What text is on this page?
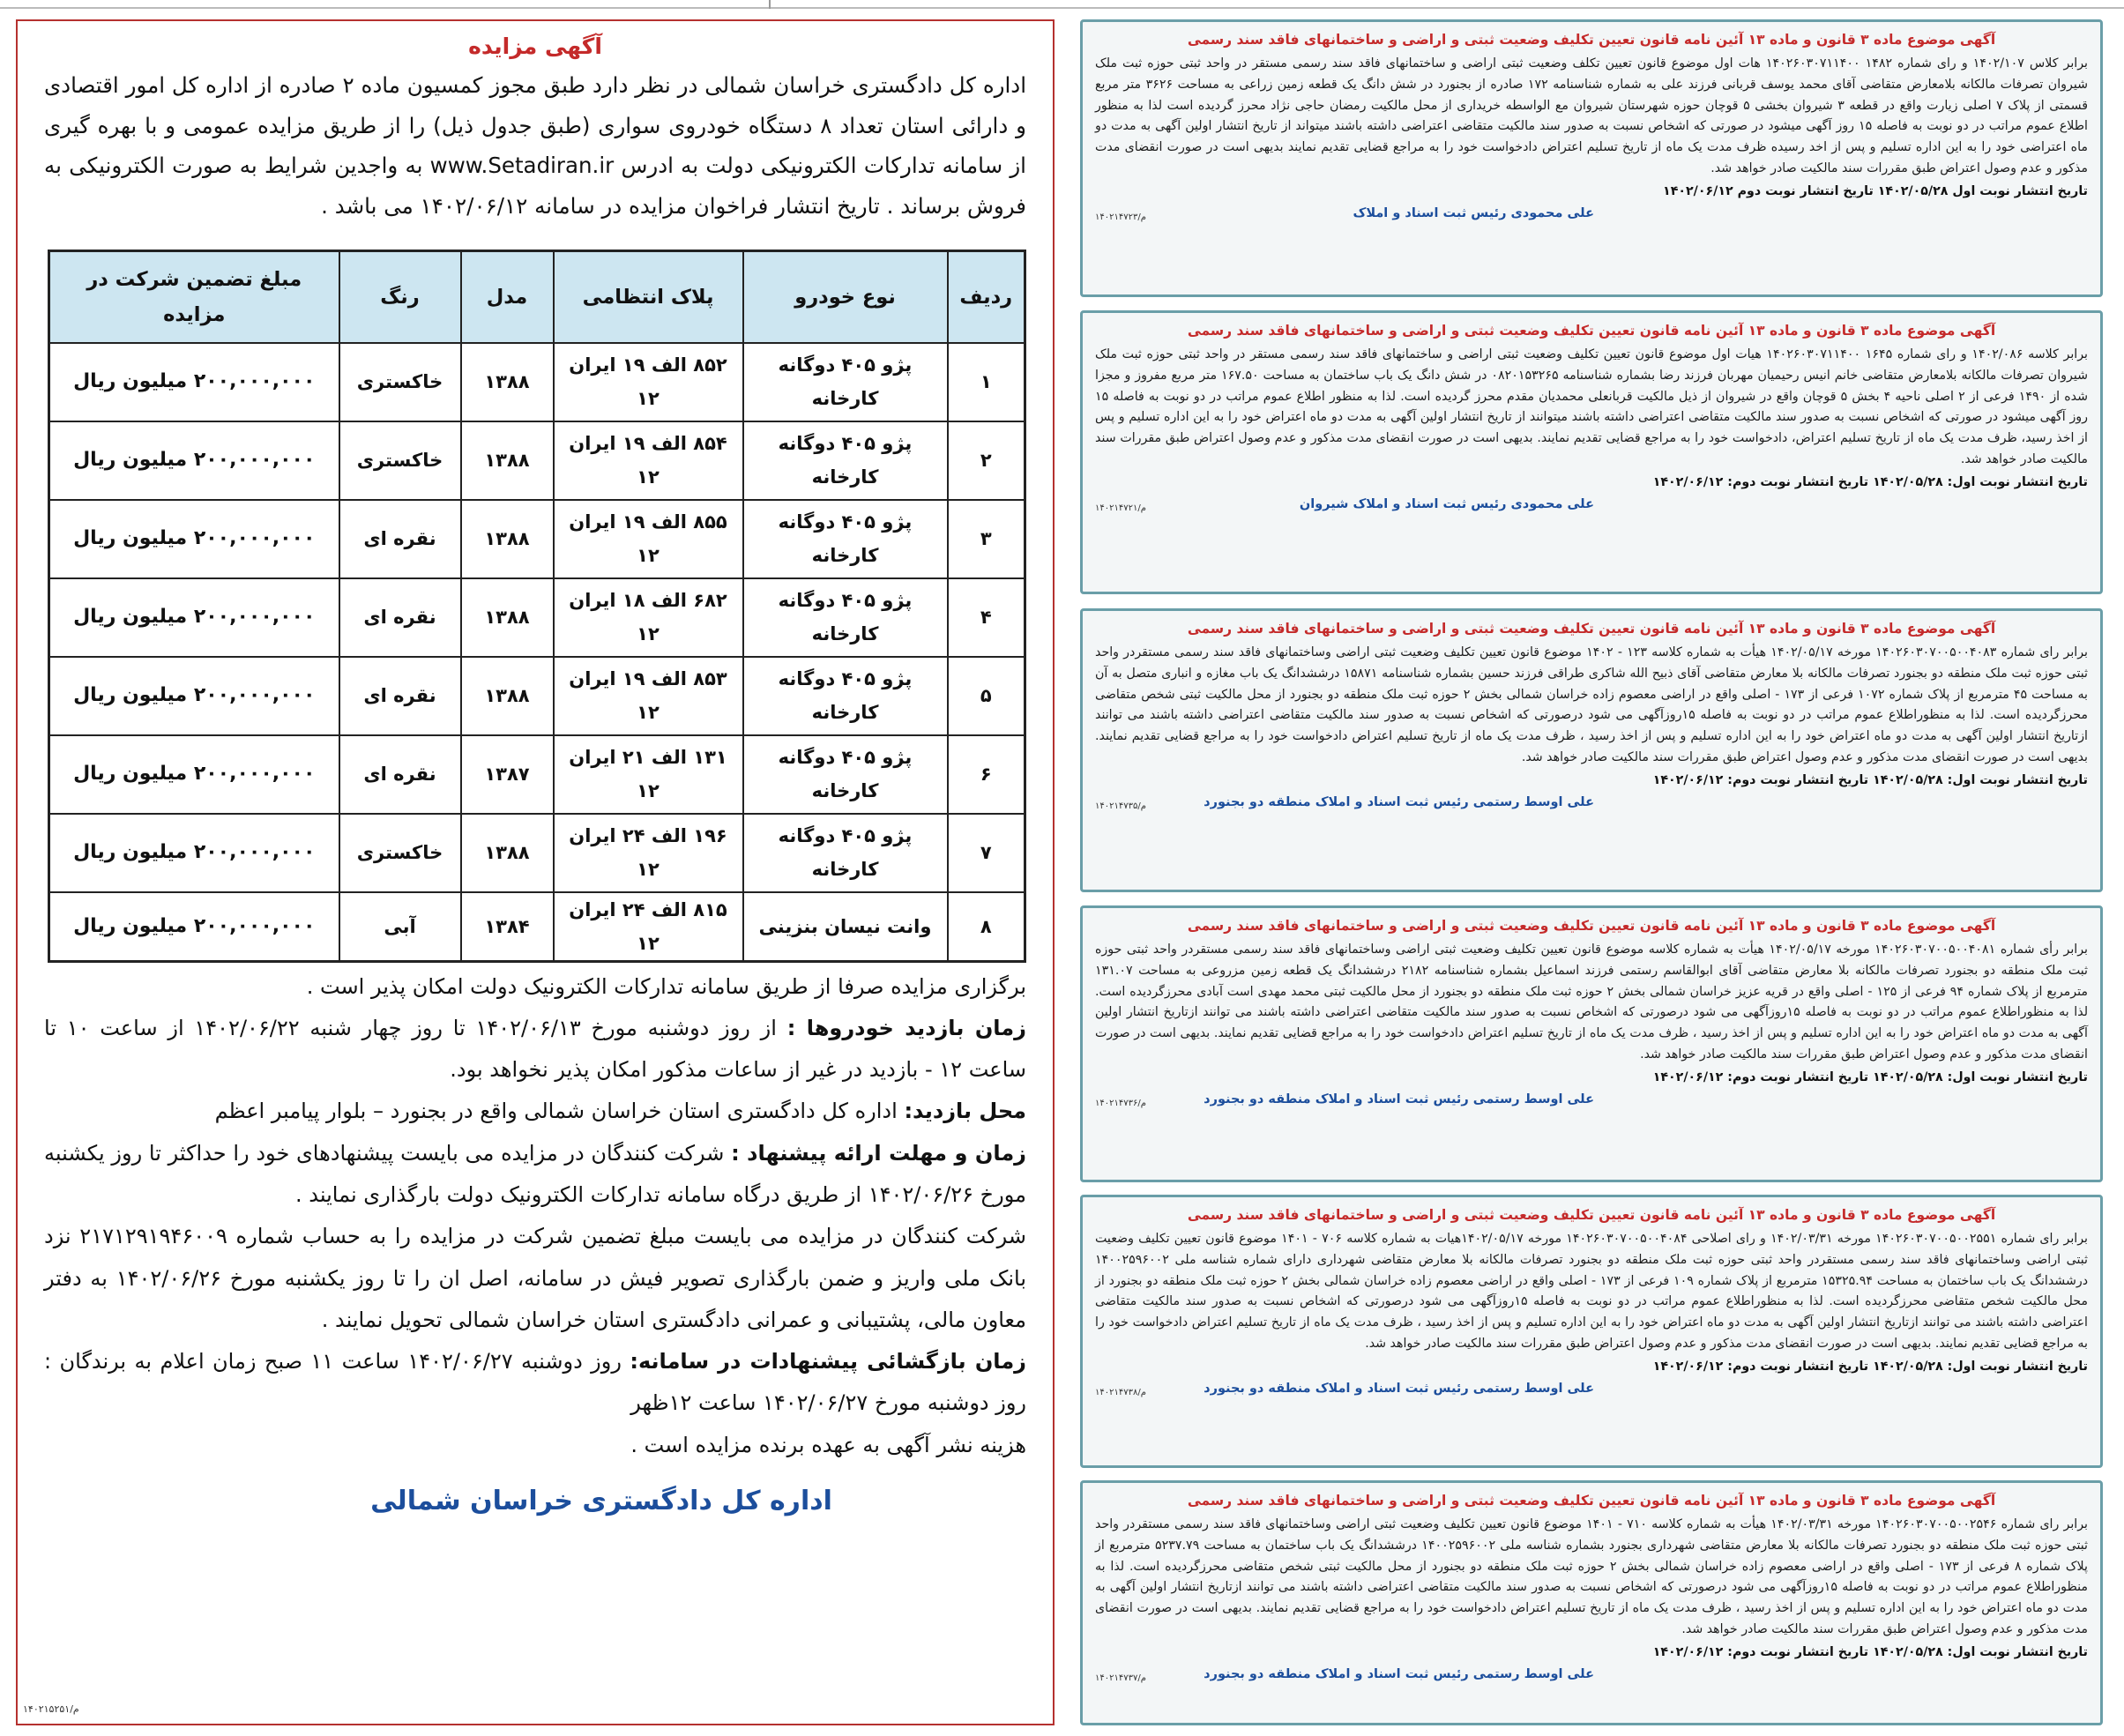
آگهی موضوع ماده ۳ قانون و ماده ۱۳ آئین نامه قانون تعیین تکلیف وضعیت ثبتی و اراضی و ساختمانهای فاقد سند رسمی
برابر کلاس ۱۴۰۲/۱۰۷ و رای شماره ۱۴۸۲ ۱۴۰۲۶۰۳۰۷۱۱۴۰۰ هات اول موضوع قانون تعیین تکلف وضعیت ثبتی اراضی و ساختمانهای فاقد سند رسمی مستقر در واحد ثبتی حوزه ثبت ملک شیروان تصرفات مالکانه بلامعارض متقاضی آقای محمد یوسف قربانی فرزند علی به شماره شناسنامه ۱۷۲ صادره از بجنورد در شش دانگ یک قطعه زمین زراعی به مساحت ۳۶۲۶ متر مربع قسمتی از پلاک ۷ اصلی زیارت واقع در قطعه ۳ شیروان بخشی ۵ قوچان حوزه شهرستان شیروان مع الواسطه خریداری از محل مالکیت رمضان حاجی نژاد محرز گردیده است لذا به منظور اطلاع عموم مراتب در دو نوبت به فاصله ۱۵ روز آگهی میشود در صورتی که اشخاص نسبت به صدور سند مالکیت متقاضی اعتراضی داشته باشند میتواند از تاریخ انتشار اولین آگهی به مدت دو ماه اعتراضی خود را به این اداره تسلیم و پس از اخد رسیده ظرف مدت یک ماه از تاریخ تسلیم اعتراض دادخواست خود را به مراجع قضایی تقدیم نمایند بدیهی است در صورت انقضای مدت مذکور و عدم وصول اعتراض طبق مقررات سند مالکیت صادر خواهد شد.
تاریخ انتشار نوبت اول ۱۴۰۲/۰۵/۲۸ تاریخ انتشار نوبت دوم ۱۴۰۲/۰۶/۱۲
علی محمودی رئیس ثبت اسناد و املاک
م/۱۴۰۲۱۴۷۲۳
آگهی موضوع ماده ۳ قانون و ماده ۱۳ آئین نامه قانون تعیین تکلیف وضعیت ثبتی و اراضی و ساختمانهای فاقد سند رسمی
برابر کلاسه ۱۴۰۲/۰۸۶ و رای شماره ۱۶۴۵ ۱۴۰۲۶۰۳۰۷۱۱۴۰۰ هیات اول موضوع قانون تعیین تکلیف وضعیت ثبتی اراضی و ساختمانهای فاقد سند رسمی مستقر در واحد ثبتی حوزه ثبت ملک شیروان تصرفات مالکانه بلامعارض متقاضی خانم انیس رحیمیان مهربان فرزند رضا بشماره شناسنامه ۰۸۲۰۱۵۳۲۶۵ در شش دانگ یک باب ساختمان به مساحت ۱۶۷.۵۰ متر مربع مفروز و مجزا شده از ۱۴۹۰ فرعی از ۲ اصلی ناحیه ۴ بخش ۵ قوچان واقع در شیروان از ذیل مالکیت قربانعلی محمدیان مقدم محرز گردیده است. لذا به منظور اطلاع عموم مراتب در دو نوبت به فاصله ۱۵ روز آگهی میشود در صورتی که اشخاص نسبت به صدور سند مالکیت متقاضی اعتراضی داشته باشند میتوانند از تاریخ انتشار اولین آگهی به مدت دو ماه اعتراض خود را به این اداره تسلیم و پس از اخذ رسید، ظرف مدت یک ماه از تاریخ تسلیم اعتراض، دادخواست خود را به مراجع قضایی تقدیم نمایند. بدیهی است در صورت انقضای مدت مذکور و عدم وصول اعتراض طبق مقررات سند مالکیت صادر خواهد شد.
تاریخ انتشار نوبت اول: ۱۴۰۲/۰۵/۲۸ تاریخ انتشار نوبت دوم: ۱۴۰۲/۰۶/۱۲
علی محمودی رئیس ثبت اسناد و املاک شیروان
م/۱۴۰۲۱۴۷۲۱
آگهی موضوع ماده ۳ قانون و ماده ۱۳ آئین نامه قانون تعیین تکلیف وضعیت ثبتی و اراضی و ساختمانهای فاقد سند رسمی
برابر رای شماره ۱۴۰۲۶۰۳۰۷۰۰۵۰۰۴۰۸۳ مورخه ۱۴۰۲/۰۵/۱۷ هیأت به شماره کلاسه ۱۲۳ - ۱۴۰۲ موضوع قانون تعیین تکلیف وضعیت ثبتی اراضی وساختمانهای فاقد سند رسمی مستقردر واحد ثبتی حوزه ثبت ملک منطقه دو بجنورد تصرفات مالکانه بلا معارض متقاضی آقای ذبیح الله شاکری طراقی فرزند حسین بشماره شناسنامه ۱۵۸۷۱ درششدانگ یک باب مغازه و انباری متصل به آن به مساحت ۴۵ مترمربع از پلاک شماره ۱۰۷۲ فرعی از ۱۷۳ - اصلی واقع در اراضی معصوم زاده خراسان شمالی بخش ۲ حوزه ثبت ملک منطقه دو بجنورد از محل مالکیت ثبتی شخص متقاضی محرزگردیده است. لذا به منظوراطلاع عموم مراتب در دو نوبت به فاصله ۱۵روزآگهی می شود درصورتی که اشخاص نسبت به صدور سند مالکیت متقاضی اعتراضی داشته باشند می توانند ازتاریخ انتشار اولین آگهی به مدت دو ماه اعتراض خود را به این اداره تسلیم و پس از اخذ رسید ، ظرف مدت یک ماه از تاریخ تسلیم اعتراض دادخواست خود را به مراجع قضایی تقدیم نمایند. بدیهی است در صورت انقضای مدت مذکور و عدم وصول اعتراض طبق مقررات سند مالکیت صادر خواهد شد.
تاریخ انتشار نوبت اول: ۱۴۰۲/۰۵/۲۸ تاریخ انتشار نوبت دوم: ۱۴۰۲/۰۶/۱۲
علی اوسط رستمی رئیس ثبت اسناد و املاک منطقه دو بجنورد
م/۱۴۰۲۱۴۷۳۵
آگهی موضوع ماده ۳ قانون و ماده ۱۳ آئین نامه قانون تعیین تکلیف وضعیت ثبتی و اراضی و ساختمانهای فاقد سند رسمی
برابر رأی شماره ۱۴۰۲۶۰۳۰۷۰۰۵۰۰۴۰۸۱ مورخه ۱۴۰۲/۰۵/۱۷ هیأت به شماره کلاسه موضوع قانون تعیین تکلیف وضعیت ثبتی اراضی وساختمانهای فاقد سند رسمی مستقردر واحد ثبتی حوزه ثبت ملک منطقه دو بجنورد تصرفات مالکانه بلا معارض متقاضی آقای ابوالقاسم رستمی فرزند اسماعیل بشماره شناسنامه ۲۱۸۲ درششدانگ یک قطعه زمین مزروعی به مساحت ۱۳۱.۰۷ مترمربع از پلاک شماره ۹۴ فرعی از ۱۲۵ - اصلی واقع در قریه عزیز خراسان شمالی بخش ۲ حوزه ثبت ملک منطقه دو بجنورد از محل مالکیت ثبتی محمد مهدی است آبادی محرزگردیده است. لذا به منظوراطلاع عموم مراتب در دو نوبت به فاصله ۱۵روزآگهی می شود درصورتی که اشخاص نسبت به صدور سند مالکیت متقاضی اعتراضی داشته باشند می توانند ازتاریخ انتشار اولین آگهی به مدت دو ماه اعتراض خود را به این اداره تسلیم و پس از اخذ رسید ، ظرف مدت یک ماه از تاریخ تسلیم اعتراض دادخواست خود را به مراجع قضایی تقدیم نمایند. بدیهی است در صورت انقضای مدت مذکور و عدم وصول اعتراض طبق مقررات سند مالکیت صادر خواهد شد.
تاریخ انتشار نوبت اول: ۱۴۰۲/۰۵/۲۸ تاریخ انتشار نوبت دوم: ۱۴۰۲/۰۶/۱۲
علی اوسط رستمی رئیس ثبت اسناد و املاک منطقه دو بجنورد
م/۱۴۰۲۱۴۷۳۶
آگهی موضوع ماده ۳ قانون و ماده ۱۳ آئین نامه قانون تعیین تکلیف وضعیت ثبتی و اراضی و ساختمانهای فاقد سند رسمی
برابر رای شماره ۱۴۰۲۶۰۳۰۷۰۰۵۰۰۲۵۵۱ مورخه ۱۴۰۲/۰۳/۳۱ و رای اصلاحی ۱۴۰۲۶۰۳۰۷۰۰۵۰۰۴۰۸۴ مورخه ۱۴۰۲/۰۵/۱۷هیات به شماره کلاسه ۷۰۶ - ۱۴۰۱ موضوع قانون تعیین تکلیف وضعیت ثبتی اراضی وساختمانهای فاقد سند رسمی مستقردر واحد ثبتی حوزه ثبت ملک منطقه دو بجنورد تصرفات مالکانه بلا معارض متقاضی شهرداری دارای شماره شناسه ملی ۱۴۰۰۲۵۹۶۰۰۲ درششدانگ یک باب ساختمان به مساحت ۱۵۳۲۵.۹۴ مترمربع از پلاک شماره ۱۰۹ فرعی از ۱۷۳ - اصلی واقع در اراضی معصوم زاده خراسان شمالی بخش ۲ حوزه ثبت ملک منطقه دو بجنورد از محل مالکیت شخص متقاضی محرزگردیده است. لذا به منظوراطلاع عموم مراتب در دو نوبت به فاصله ۱۵روزآگهی می شود درصورتی که اشخاص نسبت به صدور سند مالکیت متقاضی اعتراضی داشته باشند می توانند ازتاریخ انتشار اولین آگهی به مدت دو ماه اعتراض خود را به این اداره تسلیم و پس از اخذ رسید ، ظرف مدت یک ماه از تاریخ تسلیم اعتراض دادخواست خود را به مراجع قضایی تقدیم نمایند. بدیهی است در صورت انقضای مدت مذکور و عدم وصول اعتراض طبق مقررات سند مالکیت صادر خواهد شد.
تاریخ انتشار نوبت اول: ۱۴۰۲/۰۵/۲۸ تاریخ انتشار نوبت دوم: ۱۴۰۲/۰۶/۱۲
علی اوسط رستمی رئیس ثبت اسناد و املاک منطقه دو بجنورد
م/۱۴۰۲۱۴۷۳۸
آگهی موضوع ماده ۳ قانون و ماده ۱۳ آئین نامه قانون تعیین تکلیف وضعیت ثبتی و اراضی و ساختمانهای فاقد سند رسمی
برابر رای شماره ۱۴۰۲۶۰۳۰۷۰۰۵۰۰۲۵۴۶ مورخه ۱۴۰۲/۰۳/۳۱ هیأت به شماره کلاسه ۷۱۰ - ۱۴۰۱ موضوع قانون تعیین تکلیف وضعیت ثبتی اراضی وساختمانهای فاقد سند رسمی مستقردر واحد ثبتی حوزه ثبت ملک منطقه دو بجنورد تصرفات مالکانه بلا معارض متقاضی شهرداری بجنورد بشماره شناسه ملی ۱۴۰۰۲۵۹۶۰۰۲ درششدانگ یک باب ساختمان به مساحت ۵۲۳۷.۷۹ مترمربع از پلاک شماره ۸ فرعی از ۱۷۳ - اصلی واقع در اراضی معصوم زاده خراسان شمالی بخش ۲ حوزه ثبت ملک منطقه دو بجنورد از محل مالکیت ثبتی شخص متقاضی محرزگردیده است. لذا به منظوراطلاع عموم مراتب در دو نوبت به فاصله ۱۵روزآگهی می شود درصورتی که اشخاص نسبت به صدور سند مالکیت متقاضی اعتراضی داشته باشند می توانند ازتاریخ انتشار اولین آگهی به مدت دو ماه اعتراض خود را به این اداره تسلیم و پس از اخذ رسید ، ظرف مدت یک ماه از تاریخ تسلیم اعتراض دادخواست خود را به مراجع قضایی تقدیم نمایند. بدیهی است در صورت انقضای مدت مذکور و عدم وصول اعتراض طبق مقررات سند مالکیت صادر خواهد شد.
تاریخ انتشار نوبت اول: ۱۴۰۲/۰۵/۲۸ تاریخ انتشار نوبت دوم: ۱۴۰۲/۰۶/۱۲
علی اوسط رستمی رئیس ثبت اسناد و املاک منطقه دو بجنورد
م/۱۴۰۲۱۴۷۳۷
آگهی مزایده
اداره کل دادگستری خراسان شمالی در نظر دارد طبق مجوز کمسیون ماده ۲ صادره از اداره کل امور اقتصادی و دارائی استان تعداد ۸ دستگاه خودروی سواری (طبق جدول ذیل) را از طریق مزایده عمومی و با بهره گیری از سامانه تدارکات الکترونیکی دولت به ادرس www.Setadiran.ir به واجدین شرایط به صورت الکترونیکی به فروش برساند . تاریخ انتشار فراخوان مزایده در سامانه ۱۴۰۲/۰۶/۱۲ می باشد .
ردیف	نوع خودرو	پلاک انتظامی	مدل	رنگ	مبلغ تضمین شرکت در مزایده
۱	پژو ۴۰۵ دوگانه کارخانه	۸۵۲ الف ۱۹ ایران ۱۲	۱۳۸۸	خاکستری	۲۰۰,۰۰۰,۰۰۰ میلیون ریال
۲	پژو ۴۰۵ دوگانه کارخانه	۸۵۴ الف ۱۹ ایران ۱۲	۱۳۸۸	خاکستری	۲۰۰,۰۰۰,۰۰۰ میلیون ریال
۳	پژو ۴۰۵ دوگانه کارخانه	۸۵۵ الف ۱۹ ایران ۱۲	۱۳۸۸	نقره ای	۲۰۰,۰۰۰,۰۰۰ میلیون ریال
۴	پژو ۴۰۵ دوگانه کارخانه	۶۸۲ الف ۱۸ ایران ۱۲	۱۳۸۸	نقره ای	۲۰۰,۰۰۰,۰۰۰ میلیون ریال
۵	پژو ۴۰۵ دوگانه کارخانه	۸۵۳ الف ۱۹ ایران ۱۲	۱۳۸۸	نقره ای	۲۰۰,۰۰۰,۰۰۰ میلیون ریال
۶	پژو ۴۰۵ دوگانه کارخانه	۱۳۱ الف ۲۱ ایران ۱۲	۱۳۸۷	نقره ای	۲۰۰,۰۰۰,۰۰۰ میلیون ریال
۷	پژو ۴۰۵ دوگانه کارخانه	۱۹۶ الف ۲۴ ایران ۱۲	۱۳۸۸	خاکستری	۲۰۰,۰۰۰,۰۰۰ میلیون ریال
۸	وانت نیسان بنزینی	۸۱۵ الف ۲۴ ایران ۱۲	۱۳۸۴	آبی	۲۰۰,۰۰۰,۰۰۰ میلیون ریال

برگزاری مزایده صرفا از طریق سامانه تدارکات الکترونیک دولت امکان پذیر است .

زمان بازدید خودروها : از روز دوشنبه مورخ ۱۴۰۲/۰۶/۱۳ تا روز چهار شنبه ۱۴۰۲/۰۶/۲۲ از ساعت ۱۰ تا ساعت ۱۲ - بازدید در غیر از ساعات مذکور امکان پذیر نخواهد بود.

محل بازدید: اداره کل دادگستری استان خراسان شمالی واقع در بجنورد – بلوار پیامبر اعظم

زمان و مهلت ارائه پیشنهاد : شرکت کنندگان در مزایده می بایست پیشنهادهای خود را حداکثر تا روز یکشنبه مورخ ۱۴۰۲/۰۶/۲۶ از طریق درگاه سامانه تدارکات الکترونیک دولت بارگذاری نمایند .

شرکت کنندگان در مزایده می بایست مبلغ تضمین شرکت در مزایده را به حساب شماره ۲۱۷۱۲۹۱۹۴۶۰۰۹ نزد بانک ملی واریز و ضمن بارگذاری تصویر فیش در سامانه، اصل ان را تا روز یکشنبه مورخ ۱۴۰۲/۰۶/۲۶ به دفتر معاون مالی، پشتیبانی و عمرانی دادگستری استان خراسان شمالی تحویل نمایند .

زمان بازگشائی پیشنهادات در سامانه: روز دوشنبه ۱۴۰۲/۰۶/۲۷ ساعت ۱۱ صبح زمان اعلام به برندگان : روز دوشنبه مورخ ۱۴۰۲/۰۶/۲۷ ساعت ۱۲ظهر

هزینه نشر آگهی به عهده برنده مزایده است .

اداره کل دادگستری خراسان شمالی
م/۱۴۰۲۱۵۲۵۱
